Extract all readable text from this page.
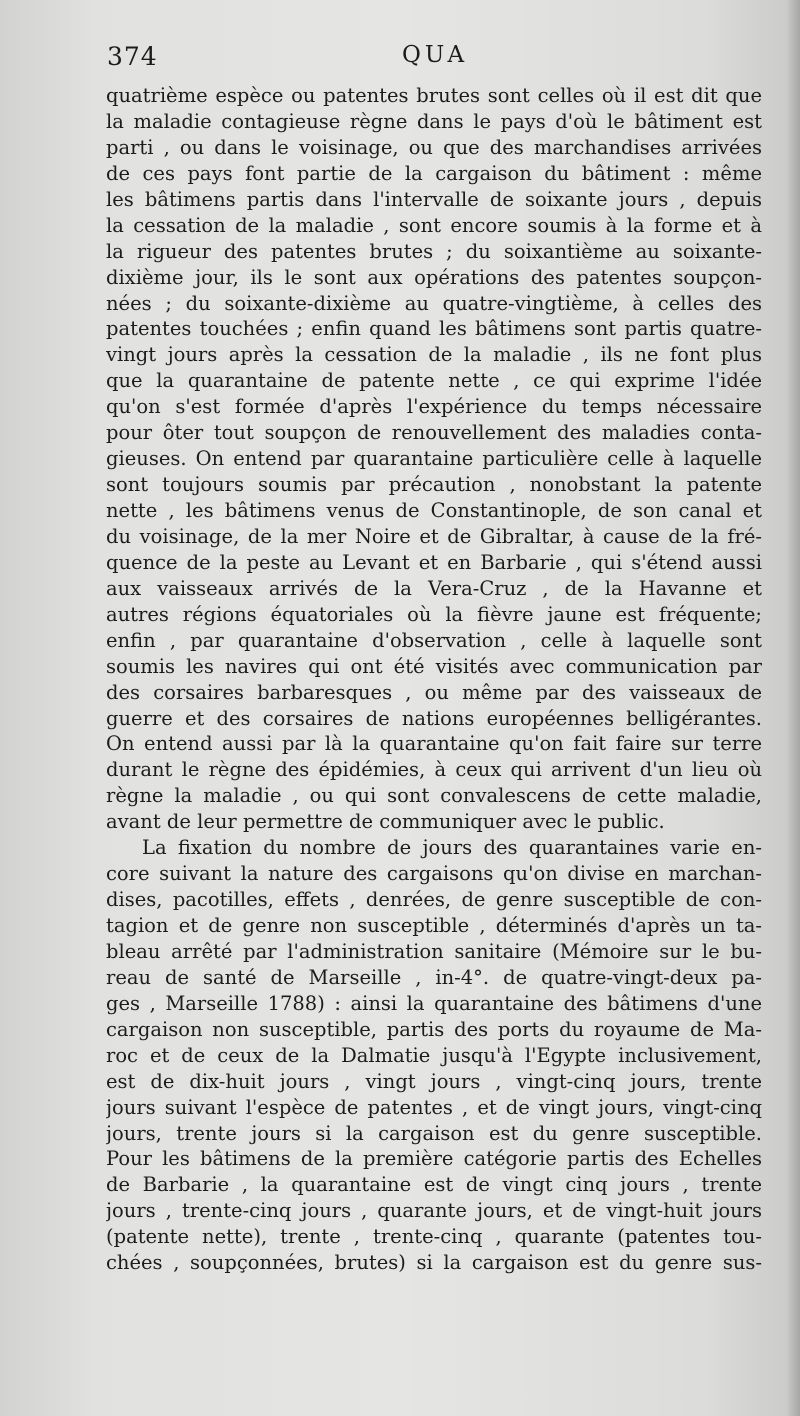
374	QUA
quatrième espèce ou patentes brutes sont celles où il est dit que
la maladie contagieuse règne dans le pays d'où le bâtiment est
parti , ou dans le voisinage, ou que des marchandises arrivées
de ces pays font partie de la cargaison du bâtiment : même
les bâtimens partis dans l'intervalle de soixante jours , depuis
la cessation de la maladie , sont encore soumis à la forme et à
la rigueur des patentes brutes ; du soixantième au soixante-
dixième jour, ils le sont aux opérations des patentes soupçon-
nées ; du soixante-dixième au quatre-vingtième, à celles des
patentes touchées ; enfin quand les bâtimens sont partis quatre-
vingt jours après la cessation de la maladie , ils ne font plus
que la quarantaine de patente nette , ce qui exprime l'idée
qu'on s'est formée d'après l'expérience du temps nécessaire
pour ôter tout soupçon de renouvellement des maladies conta-
gieuses. On entend par quarantaine particulière celle à laquelle
sont toujours soumis par précaution , nonobstant la patente
nette , les bâtimens venus de Constantinople, de son canal et
du voisinage, de la mer Noire et de Gibraltar, à cause de la fré-
quence de la peste au Levant et en Barbarie , qui s'étend aussi
aux vaisseaux arrivés de la Vera-Cruz , de la Havanne et
autres régions équatoriales où la fièvre jaune est fréquente;
enfin , par quarantaine d'observation , celle à laquelle sont
soumis les navires qui ont été visités avec communication par
des corsaires barbaresques , ou même par des vaisseaux de
guerre et des corsaires de nations européennes belligérantes.
On entend aussi par là la quarantaine qu'on fait faire sur terre
durant le règne des épidémies, à ceux qui arrivent d'un lieu où
règne la maladie , ou qui sont convalescens de cette maladie,
avant de leur permettre de communiquer avec le public.
La fixation du nombre de jours des quarantaines varie en-
core suivant la nature des cargaisons qu'on divise en marchan-
dises, pacotilles, effets , denrées, de genre susceptible de con-
tagion et de genre non susceptible , déterminés d'après un ta-
bleau arrêté par l'administration sanitaire (Mémoire sur le bu-
reau de santé de Marseille , in-4°. de quatre-vingt-deux pa-
ges , Marseille 1788) : ainsi la quarantaine des bâtimens d'une
cargaison non susceptible, partis des ports du royaume de Ma-
roc et de ceux de la Dalmatie jusqu'à l'Egypte inclusivement,
est de dix-huit jours , vingt jours , vingt-cinq jours, trente
jours suivant l'espèce de patentes , et de vingt jours, vingt-cinq
jours, trente jours si la cargaison est du genre susceptible.
Pour les bâtimens de la première catégorie partis des Echelles
de Barbarie , la quarantaine est de vingt cinq jours , trente
jours , trente-cinq jours , quarante jours, et de vingt-huit jours
(patente nette), trente , trente-cinq , quarante (patentes tou-
chées , soupçonnées, brutes) si la cargaison est du genre sus-
